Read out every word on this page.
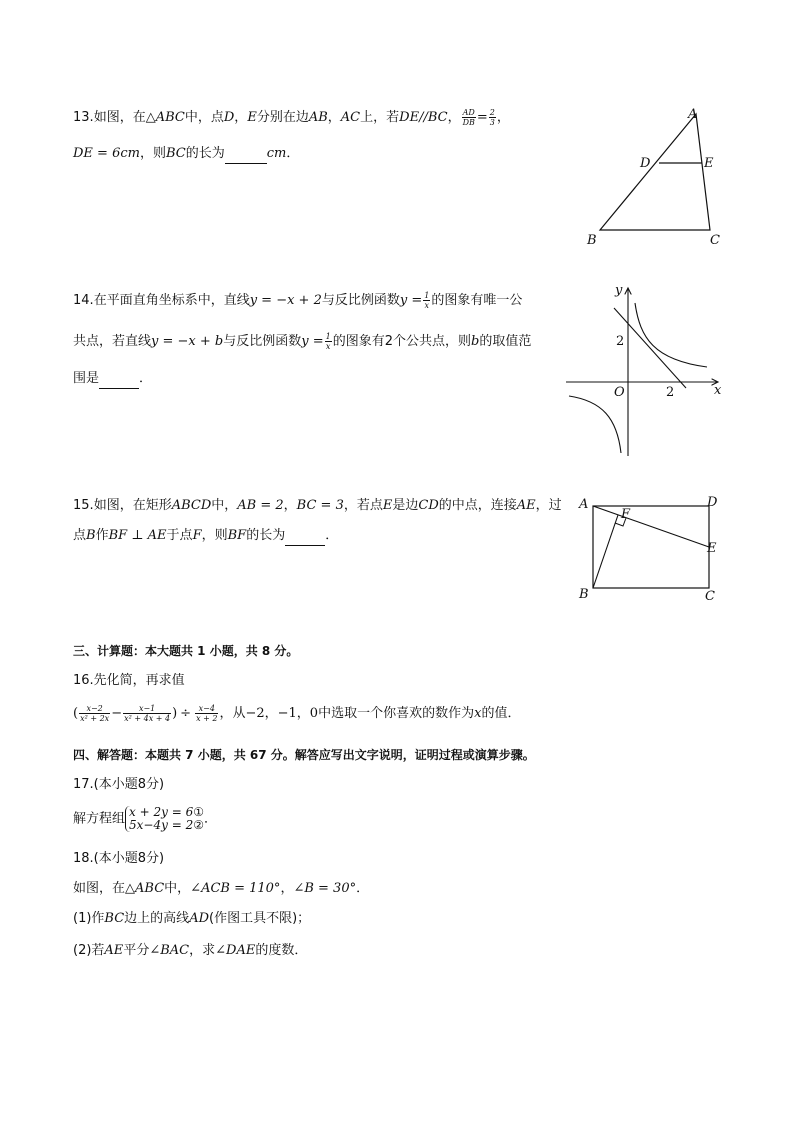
13.如图，在△ABC中，点D，E分别在边AB，AC上，若DE//BC， $\frac{AD}{DB} = \frac{2}{3}$ ，
DE = 6cm，则BC的长为	cm．
A
B	C
D	E
14.在平面直角坐标系中，直线y = −x + 2与反比例函数$y = \frac{1}{x}$ 的图象有唯一公
共点，若直线y = −x + b与反比例函数$y = \frac{1}{x}$ 的图象有2个公共点，则b的取值范
围是	．
y
x
O
2
2
15.如图，在矩形ABCD中，AB = 2，BC = 3，若点E是边CD的中点，连接AE，过
点B作BF ⊥ AE于点F，则BF的长为	．
A
B	C
D
E
F
三、计算题：本大题共 1 小题，共 8 分。
16.先化简，再求值
( $\frac{x-2}{\text{x² + 2x}} - \frac{x-1}{\text{x² + 4x + 4}}$ ) ÷ $\frac{x-4}{x + 2}$ ，从−2，−1，0中选取一个你喜欢的数作为x的值．
四、解答题：本题共 7 小题，共 67 分。解答应写出文字说明，证明过程或演算步骤。
17.(本小题8分)
解方程组 x + 2y = 6①
5x−4y = 2②．
18.(本小题8分)
如图，在△ABC中，∠ACB = 110°，∠B = 30°．
(1)作BC边上的高线AD(作图工具不限)；
(2)若AE平分∠BAC，求∠DAE的度数．
